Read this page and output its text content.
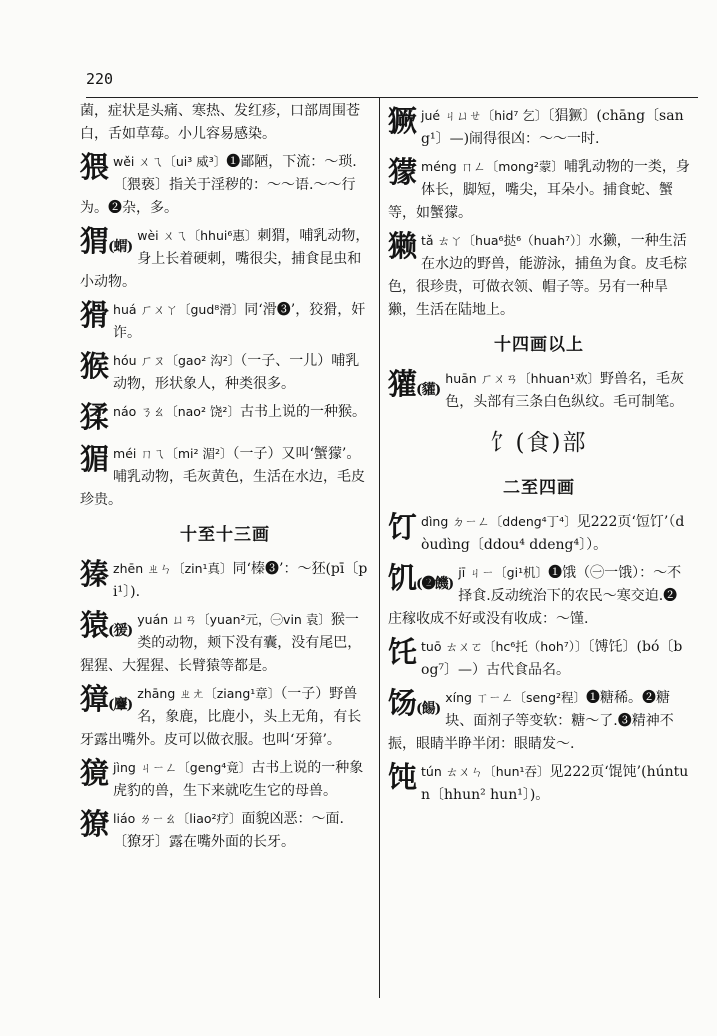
220

菌，症状是头痛、寒热、发红疹，口部周围苍白，舌如草莓。小儿容易感染。

猥wěi ㄨㄟ〔ui³ 威³〕❶鄙陋，下流：～琐.〔猥亵〕指关于淫秽的：～～语.～～行为。❷杂，多。
猬(蝟)
wèi ㄨㄟ〔hhui⁶惠〕刺猬，哺乳动物，身上长着硬刺，嘴很尖，捕食昆虫和小动物。
猾huá ㄏㄨㄚ〔gud⁸滑〕同‘滑❸’，狡猾，奸诈。
猴hóu ㄏㄡ〔gao² 沟²〕（一子、一儿）哺乳动物，形状象人，种类很多。
猱náo ㄋㄠ〔nao² 饶²〕古书上说的一种猴。
猸méi ㄇㄟ〔mi² 湄²〕（一子）又叫‘蟹獴’。哺乳动物，毛灰黄色，生活在水边，毛皮珍贵。
十至十三画
獉zhēn ㄓㄣ〔zin¹真〕同‘榛❸’：～狉(pī〔pi¹〕).
猿(猨)
yuán ㄩㄢ〔yuan²元，㊀vin 袁〕猴一类的动物，颊下没有囊，没有尾巴，猩猩、大猩猩、长臂猿等都是。
獐(麞)
zhāng ㄓㄤ〔ziang¹章〕（一子）野兽名，象鹿，比鹿小，头上无角，有长牙露出嘴外。皮可以做衣服。也叫‘牙獐’。
獍jìng ㄐㄧㄥ〔geng⁴竟〕古书上说的一种象虎豹的兽，生下来就吃生它的母兽。
獠liáo ㄌㄧㄠ〔liao²疗〕面貌凶恶：～面.〔獠牙〕露在嘴外面的长牙。
獗jué ㄐㄩㄝ〔hid⁷ 乞〕〔猖獗〕(chāng〔sang¹〕—)闹得很凶：～～一时.
獴méng ㄇㄥ〔mong²蒙〕哺乳动物的一类，身体长，脚短，嘴尖，耳朵小。捕食蛇、蟹等，如蟹獴。
獭tǎ ㄊㄚ〔hua⁶挞⁶（huah⁷）〕水獭，一种生活在水边的野兽，能游泳，捕鱼为食。皮毛棕色，很珍贵，可做衣领、帽子等。另有一种旱獭，生活在陆地上。
十四画以上
獾(貛)
huān ㄏㄨㄢ〔hhuan¹欢〕野兽名，毛灰色，头部有三条白色纵纹。毛可制笔。
饣(食)部
二至四画
饤dìng ㄉㄧㄥ〔ddeng⁴丁⁴〕见222页‘饾饤’（dòudìng〔ddou⁴ ddeng⁴〕）。
饥(❷饑)
jī ㄐㄧ〔gi¹机〕❶饿（㊀一饿）：～不择食.反动统治下的农民～寒交迫.❷庄稼收成不好或没有收成：～馑.
饦tuō ㄊㄨㄛ〔hc⁶托（hoh⁷）〕〔馎饦〕(bó〔bog⁷〕—）古代食品名。
饧(餳)
xíng ㄒㄧㄥ〔seng²程〕❶糖稀。❷糖块、面剂子等变软：糖～了.❸精神不振，眼睛半睁半闭：眼睛发～.
饨tún ㄊㄨㄣ〔hun¹吞〕见222页‘馄饨’(húntun〔hhun² hun¹〕)。
